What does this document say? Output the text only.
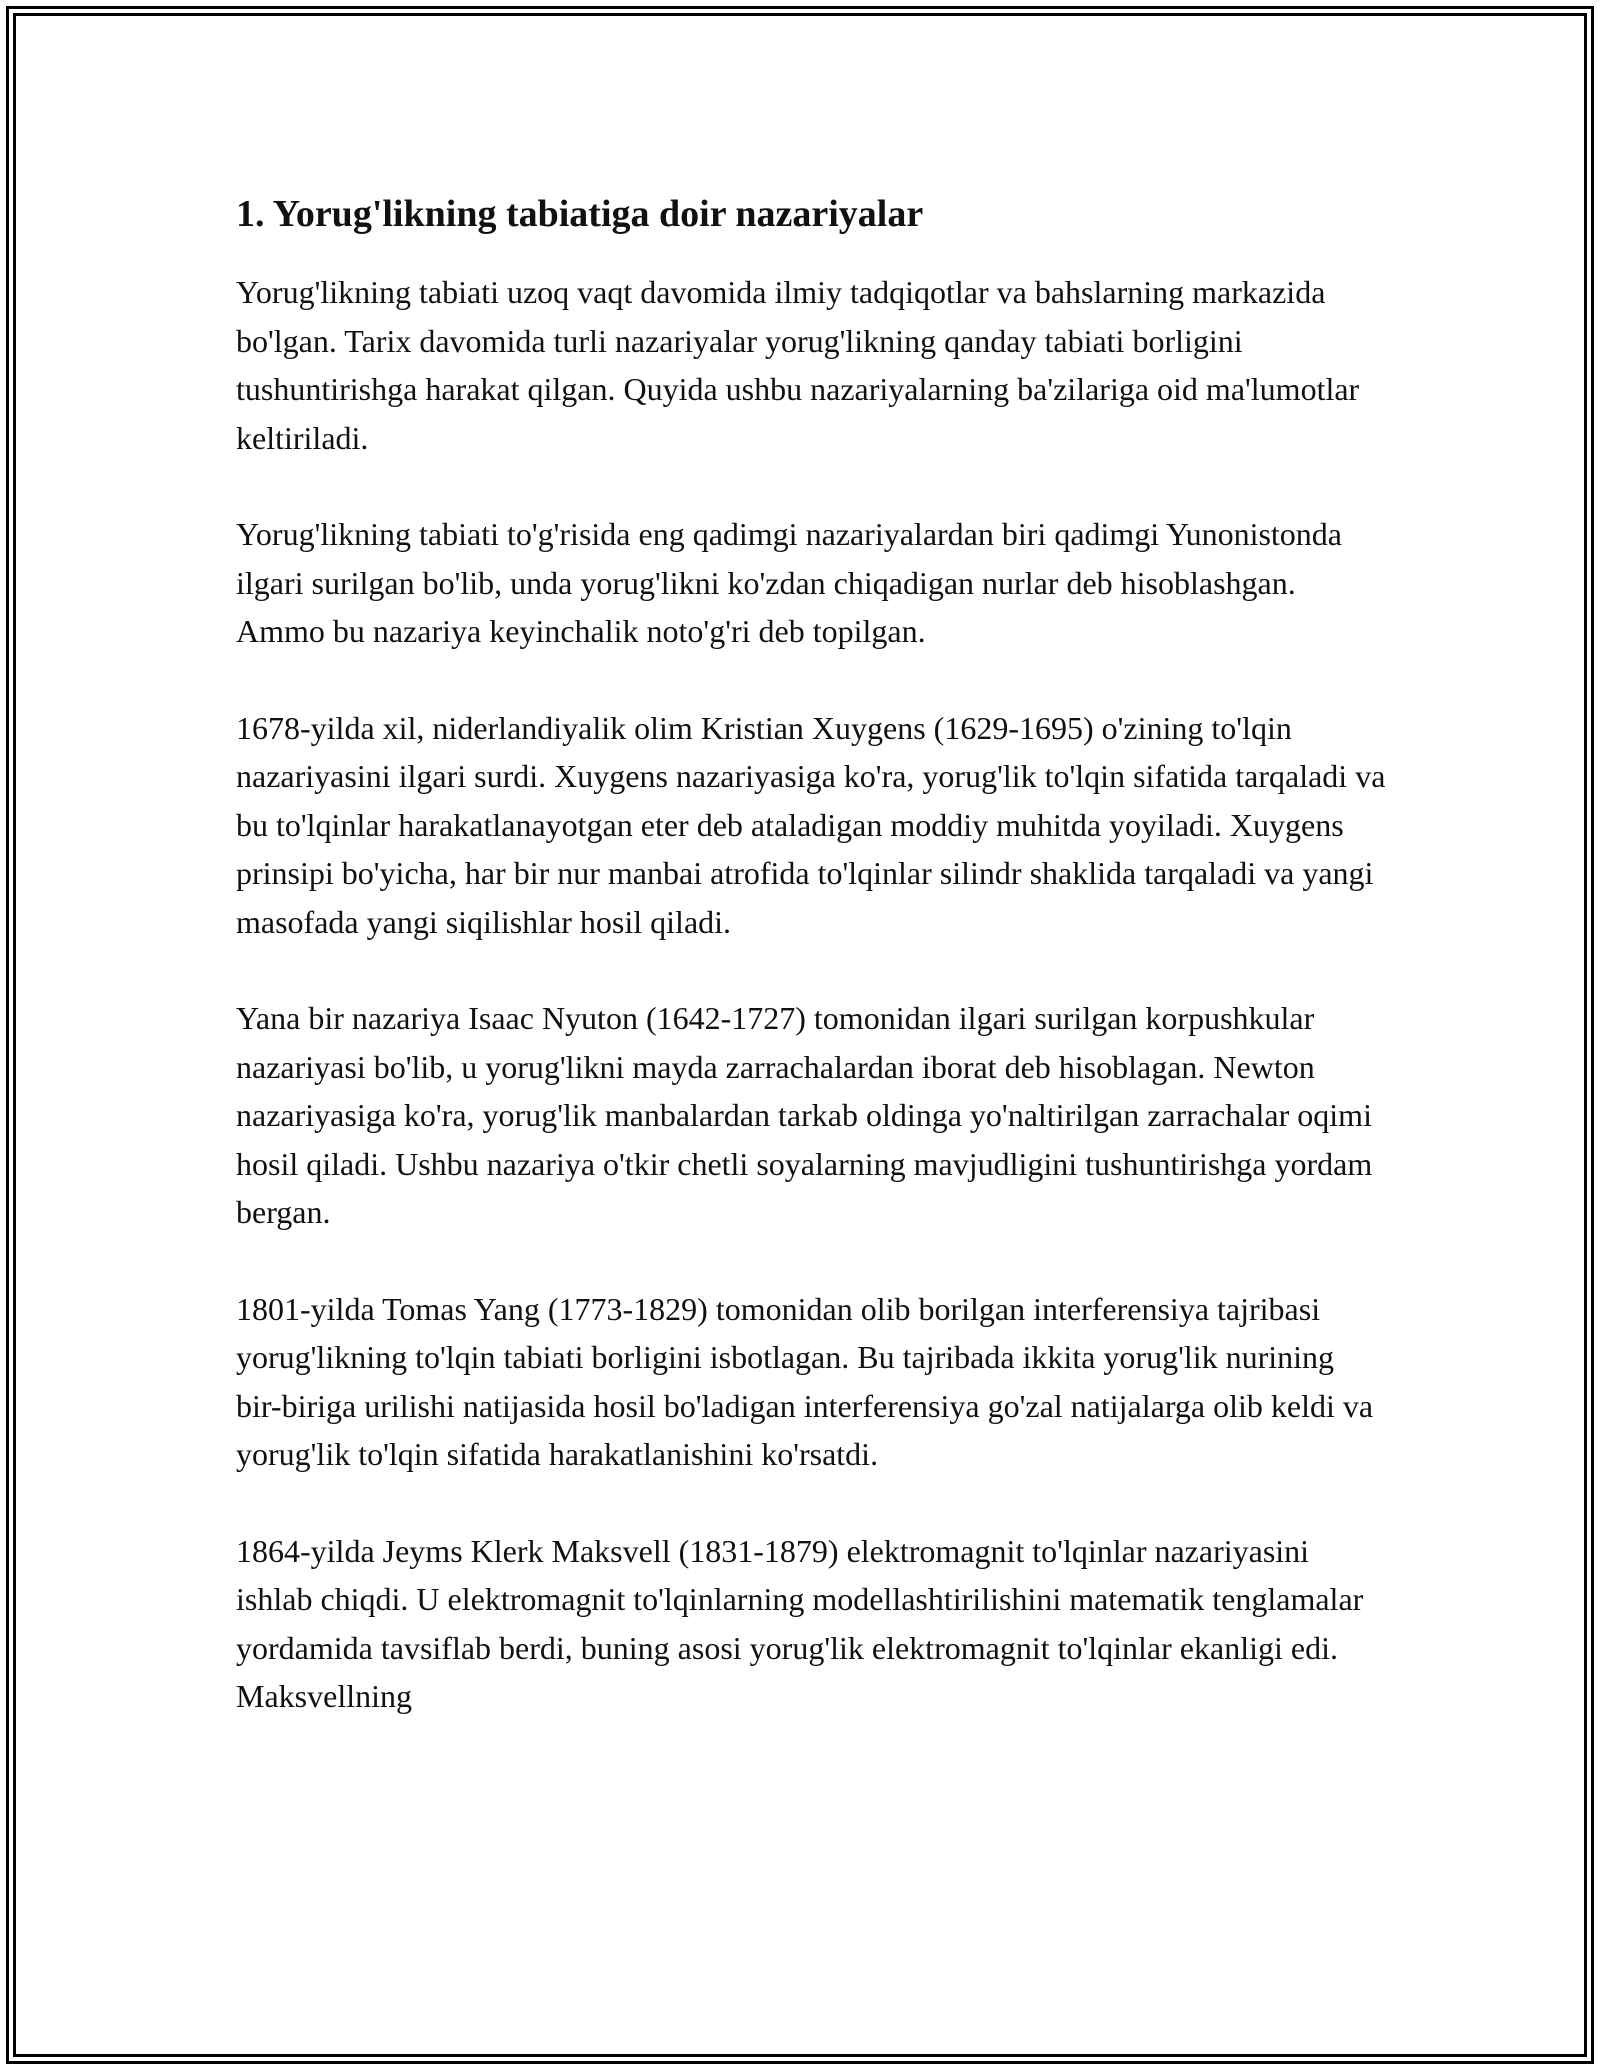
1. Yorug'likning tabiatiga doir nazariyalar

Yorug'likning tabiati uzoq vaqt davomida ilmiy tadqiqotlar va bahslarning markazida bo'lgan. Tarix davomida turli nazariyalar yorug'likning qanday tabiati borligini tushuntirishga harakat qilgan. Quyida ushbu nazariyalarning ba'zilariga oid ma'lumotlar keltiriladi.

Yorug'likning tabiati to'g'risida eng qadimgi nazariyalardan biri qadimgi Yunonistonda ilgari surilgan bo'lib, unda yorug'likni ko'zdan chiqadigan nurlar deb hisoblashgan. Ammo bu nazariya keyinchalik noto'g'ri deb topilgan.

1678-yilda xil, niderlandiyalik olim Kristian Xuygens (1629-1695) o'zining to'lqin nazariyasini ilgari surdi. Xuygens nazariyasiga ko'ra, yorug'lik to'lqin sifatida tarqaladi va bu to'lqinlar harakatlanayotgan eter deb ataladigan moddiy muhitda yoyiladi. Xuygens prinsipi bo'yicha, har bir nur manbai atrofida to'lqinlar silindr shaklida tarqaladi va yangi masofada yangi siqilishlar hosil qiladi.

Yana bir nazariya Isaac Nyuton (1642-1727) tomonidan ilgari surilgan korpushkular nazariyasi bo'lib, u yorug'likni mayda zarrachalardan iborat deb hisoblagan. Newton nazariyasiga ko'ra, yorug'lik manbalardan tarkab oldinga yo'naltirilgan zarrachalar oqimi hosil qiladi. Ushbu nazariya o'tkir chetli soyalarning mavjudligini tushuntirishga yordam bergan.

1801-yilda Tomas Yang (1773-1829) tomonidan olib borilgan interferensiya tajribasi yorug'likning to'lqin tabiati borligini isbotlagan. Bu tajribada ikkita yorug'lik nurining bir-biriga urilishi natijasida hosil bo'ladigan interferensiya go'zal natijalarga olib keldi va yorug'lik to'lqin sifatida harakatlanishini ko'rsatdi.

1864-yilda Jeyms Klerk Maksvell (1831-1879) elektromagnit to'lqinlar nazariyasini ishlab chiqdi. U elektromagnit to'lqinlarning modellashtirilishini matematik tenglamalar yordamida tavsiflab berdi, buning asosi yorug'lik elektromagnit to'lqinlar ekanligi edi. Maksvellning
